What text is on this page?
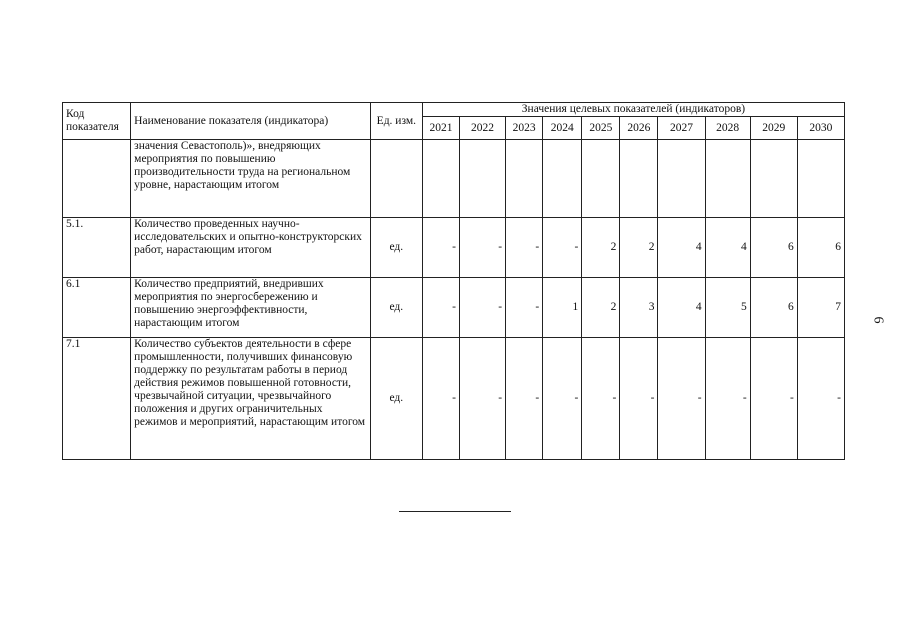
Код показателя	Наименование показателя (индикатора)	Ед. изм.	Значения целевых показателей (индикаторов)									
			2021	2022	2023	2024	2025	2026	2027	2028	2029	2030
	значения Севастополь)», внедряющих мероприятия по повышению производительности труда на региональном уровне, нарастающим итогом											
5.1.	Количество проведенных научно-исследовательских и опытно-конструкторских работ, нарастающим итогом	ед.	-	-	-	-	2	2	4	4	6	6
6.1	Количество предприятий, внедривших мероприятия по энергосбережению и повышению энергоэффективности, нарастающим итогом	ед.	-	-	-	1	2	3	4	5	6	7
7.1	Количество субъектов деятельности в сфере промышленности, получивших финансовую поддержку по результатам работы в период действия режимов повышенной готовности, чрезвычайной ситуации, чрезвычайного положения и других ограничительных режимов и мероприятий, нарастающим итогом	ед.	-	-	-	-	-	-	-	-	-	-
6
